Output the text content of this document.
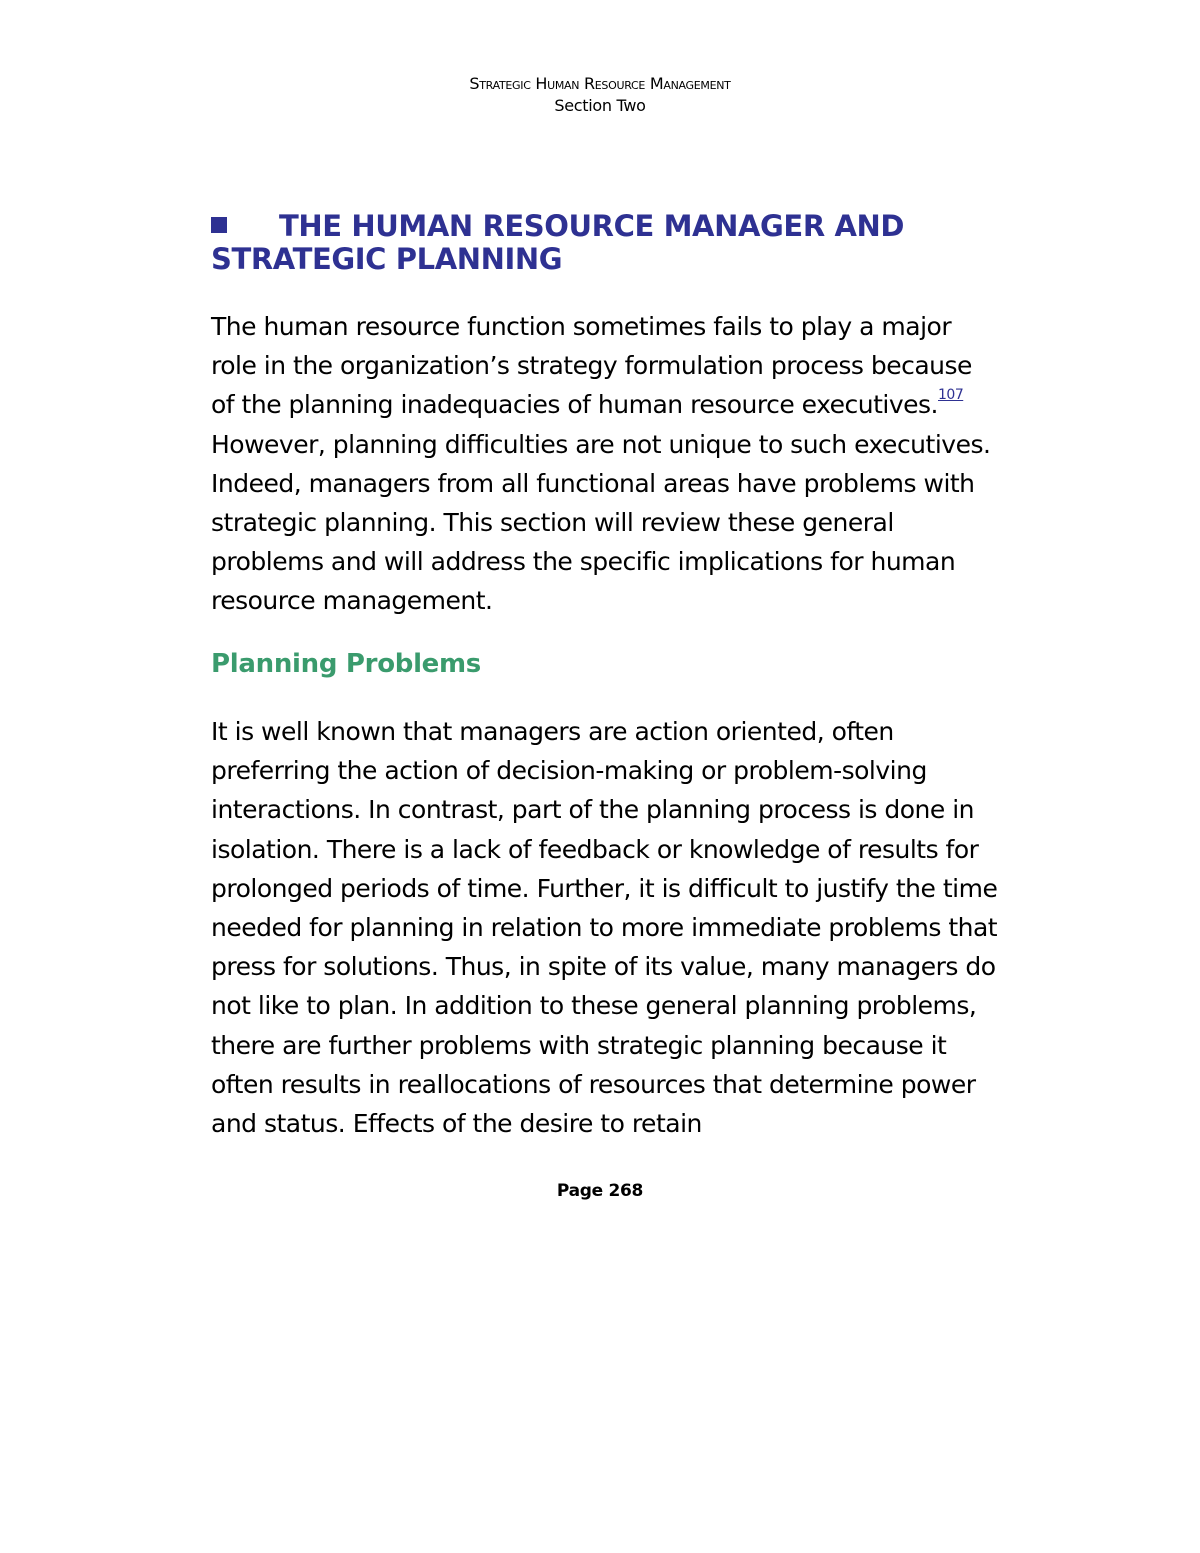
Strategic Human Resource Management
Section Two
THE HUMAN RESOURCE MANAGER AND STRATEGIC PLANNING

The human resource function sometimes fails to play a major role in the organization’s strategy formulation process because of the planning inadequacies of human resource executives.$^{107}$ However, planning difficulties are not unique to such executives. Indeed, managers from all functional areas have problems with strategic planning. This section will review these general problems and will address the specific implications for human resource management.

Planning Problems

It is well known that managers are action oriented, often preferring the action of decision-making or problem-solving interactions. In contrast, part of the planning process is done in isolation. There is a lack of feedback or knowledge of results for prolonged periods of time. Further, it is difficult to justify the time needed for planning in relation to more immediate problems that press for solutions. Thus, in spite of its value, many managers do not like to plan. In addition to these general planning problems, there are further problems with strategic planning because it often results in reallocations of resources that determine power and status. Effects of the desire to retain

Page 268
